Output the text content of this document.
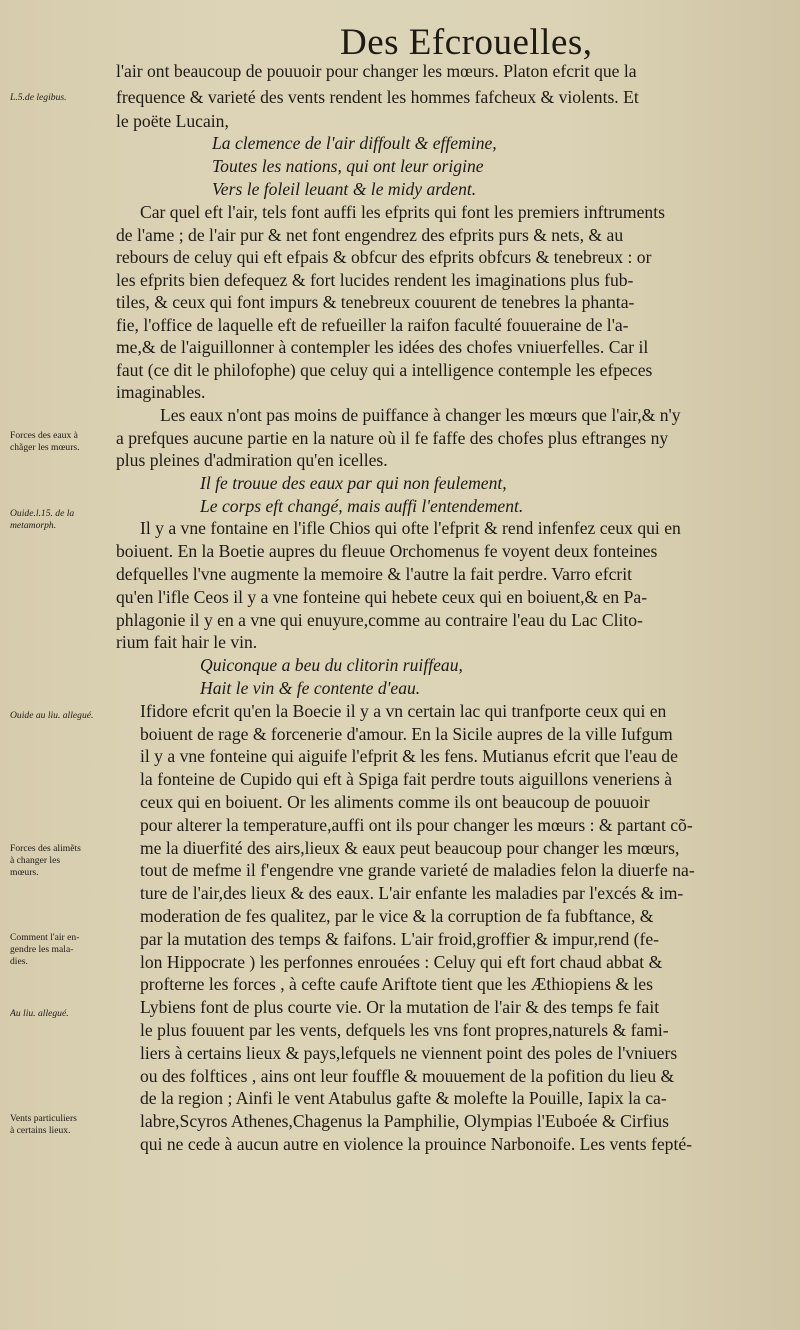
Des Efcrouelles,
l'air ont beaucoup de pouuoir pour changer les mœurs. Platon efcrit que la
frequence & varieté des vents rendent les hommes fafcheux & violents. Et
le poëte Lucain,
La clemence de l'air diffoult & effemine,
Toutes les nations, qui ont leur origine
Vers le foleil leuant & le midy ardent.
Car quel eft l'air, tels font auffi les efprits qui font les premiers inftruments
de l'ame ; de l'air pur & net font engendrez des efprits purs & nets, & au
rebours de celuy qui eft efpais & obfcur des efprits obfcurs & tenebreux : or
les efprits bien defequez & fort lucides rendent les imaginations plus fub-
tiles, & ceux qui font impurs & tenebreux couurent de tenebres la phanta-
fie, l'office de laquelle eft de refueiller la raifon faculté fouueraine de l'a-
me,& de l'aiguillonner à contempler les idées des chofes vniuerfelles. Car il
faut (ce dit le philofophe) que celuy qui a intelligence contemple les efpeces
imaginables.
Les eaux n'ont pas moins de puiffance à changer les mœurs que l'air,& n'y
a prefques aucune partie en la nature où il fe faffe des chofes plus eftranges ny
plus pleines d'admiration qu'en icelles.
Il fe trouue des eaux par qui non feulement,
Le corps eft changé, mais auffi l'entendement.
Il y a vne fontaine en l'ifle Chios qui ofte l'efprit & rend infenfez ceux qui en
boiuent. En la Boetie aupres du fleuue Orchomenus fe voyent deux fonteines
defquelles l'vne augmente la memoire & l'autre la fait perdre. Varro efcrit
qu'en l'ifle Ceos il y a vne fonteine qui hebete ceux qui en boiuent,& en Pa-
phlagonie il y en a vne qui enuyure,comme au contraire l'eau du Lac Clito-
rium fait hair le vin.
Quiconque a beu du clitorin ruiffeau,
Hait le vin & fe contente d'eau.
Ifidore efcrit qu'en la Boecie il y a vn certain lac qui tranfporte ceux qui en
boiuent de rage & forcenerie d'amour. En la Sicile aupres de la ville Iufgum
il y a vne fonteine qui aiguife l'efprit & les fens. Mutianus efcrit que l'eau de
la fonteine de Cupido qui eft à Spiga fait perdre touts aiguillons veneriens à
ceux qui en boiuent. Or les aliments comme ils ont beaucoup de pouuoir
pour alterer la temperature,auffi ont ils pour changer les mœurs : & partant cõ-
me la diuerfité des airs,lieux & eaux peut beaucoup pour changer les mœurs,
tout de mefme il f'engendre vne grande varieté de maladies felon la diuerfe na-
ture de l'air,des lieux & des eaux. L'air enfante les maladies par l'excés & im-
moderation de fes qualitez, par le vice & la corruption de fa fubftance, &
par la mutation des temps & faifons. L'air froid,groffier & impur,rend (fe-
lon Hippocrate ) les perfonnes enrouées : Celuy qui eft fort chaud abbat &
profterne les forces , à cefte caufe Ariftote tient que les Æthiopiens & les
Lybiens font de plus courte vie. Or la mutation de l'air & des temps fe fait
le plus fouuent par les vents, defquels les vns font propres,naturels & fami-
liers à certains lieux & pays,lefquels ne viennent point des poles de l'vniuers
ou des folftices , ains ont leur fouffle & mouuement de la pofition du lieu &
de la region ; Ainfi le vent Atabulus gafte & molefte la Pouille, Iapix la ca-
labre,Scyros Athenes,Chagenus la Pamphilie, Olympias l'Euboée & Cirfius
qui ne cede à aucun autre en violence la prouince Narbonoife. Les vents fepté-
L.5.de legibus.
Forces des eaux à
chãger les mœurs.
Ouide.l.15. de la
metamorph.
Ouide au liu. allegué.
Forces des alimẽts
à changer les
mœurs.
Comment l'air en-
gendre les mala-
dies.
Au liu. allegué.
Vents particuliers
à certains lieux.
